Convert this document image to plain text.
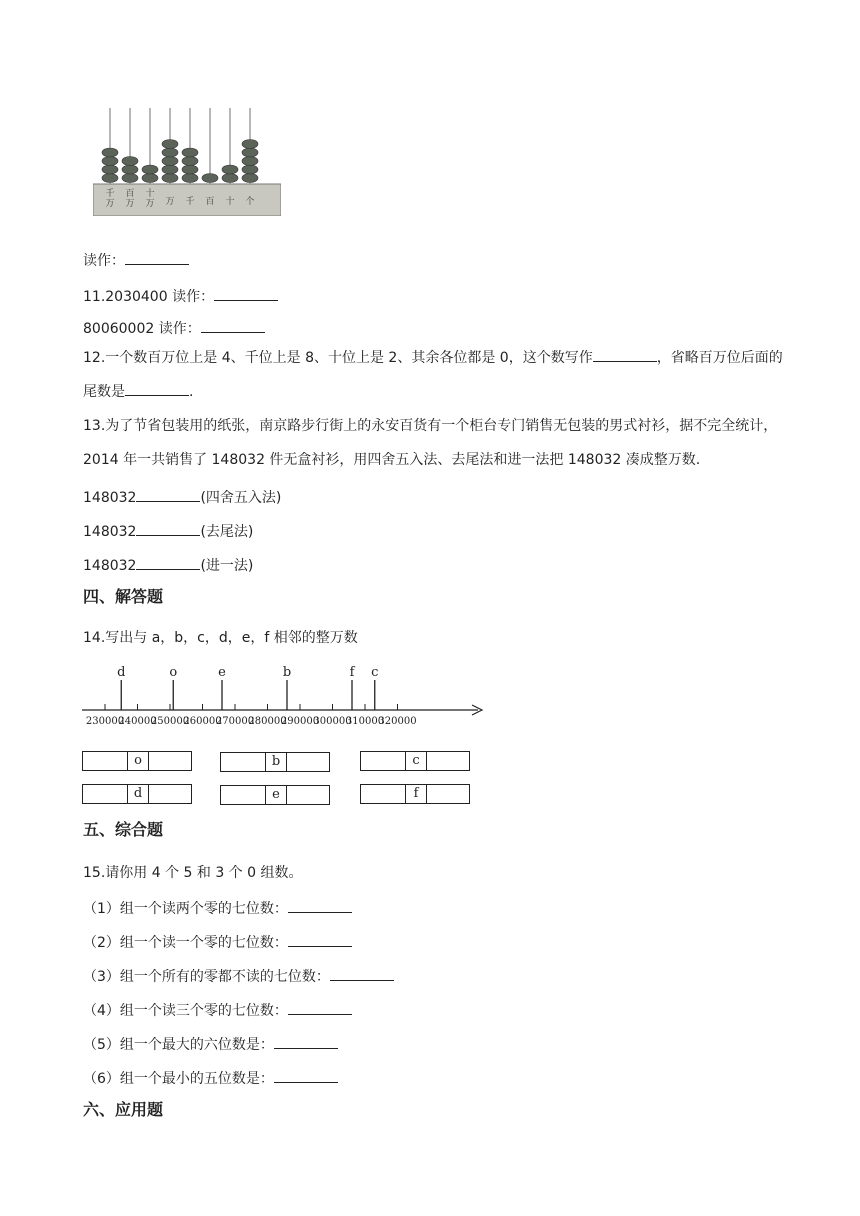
千万
百万
十万 万 千 百 十 个
读作：
11.2030400 读作：
80060002 读作：
12.一个数百万位上是 4、千位上是 8、十位上是 2、其余各位都是 0，这个数写作	，省略百万位后面的尾数是	.
13.为了节省包装用的纸张，南京路步行街上的永安百货有一个柜台专门销售无包装的男式衬衫，据不完全统计，2014 年一共销售了 148032 件无盒衬衫，用四舍五入法、去尾法和进一法把 148032 凑成整万数.
148032	(四舍五入法)
148032	(去尾法)
148032	(进一法)
四、解答题
14.写出与 a，b，c，d，e，f 相邻的整万数
230000
240000
250000
260000
270000
280000
290000
300000
310000
320000
d	o	e	b	f c
o	b	c
d	e	f
五、综合题
15.请你用 4 个 5 和 3 个 0 组数。
（1）组一个读两个零的七位数：
（2）组一个读一个零的七位数：
（3）组一个所有的零都不读的七位数：
（4）组一个读三个零的七位数：
（5）组一个最大的六位数是：
（6）组一个最小的五位数是：
六、应用题
